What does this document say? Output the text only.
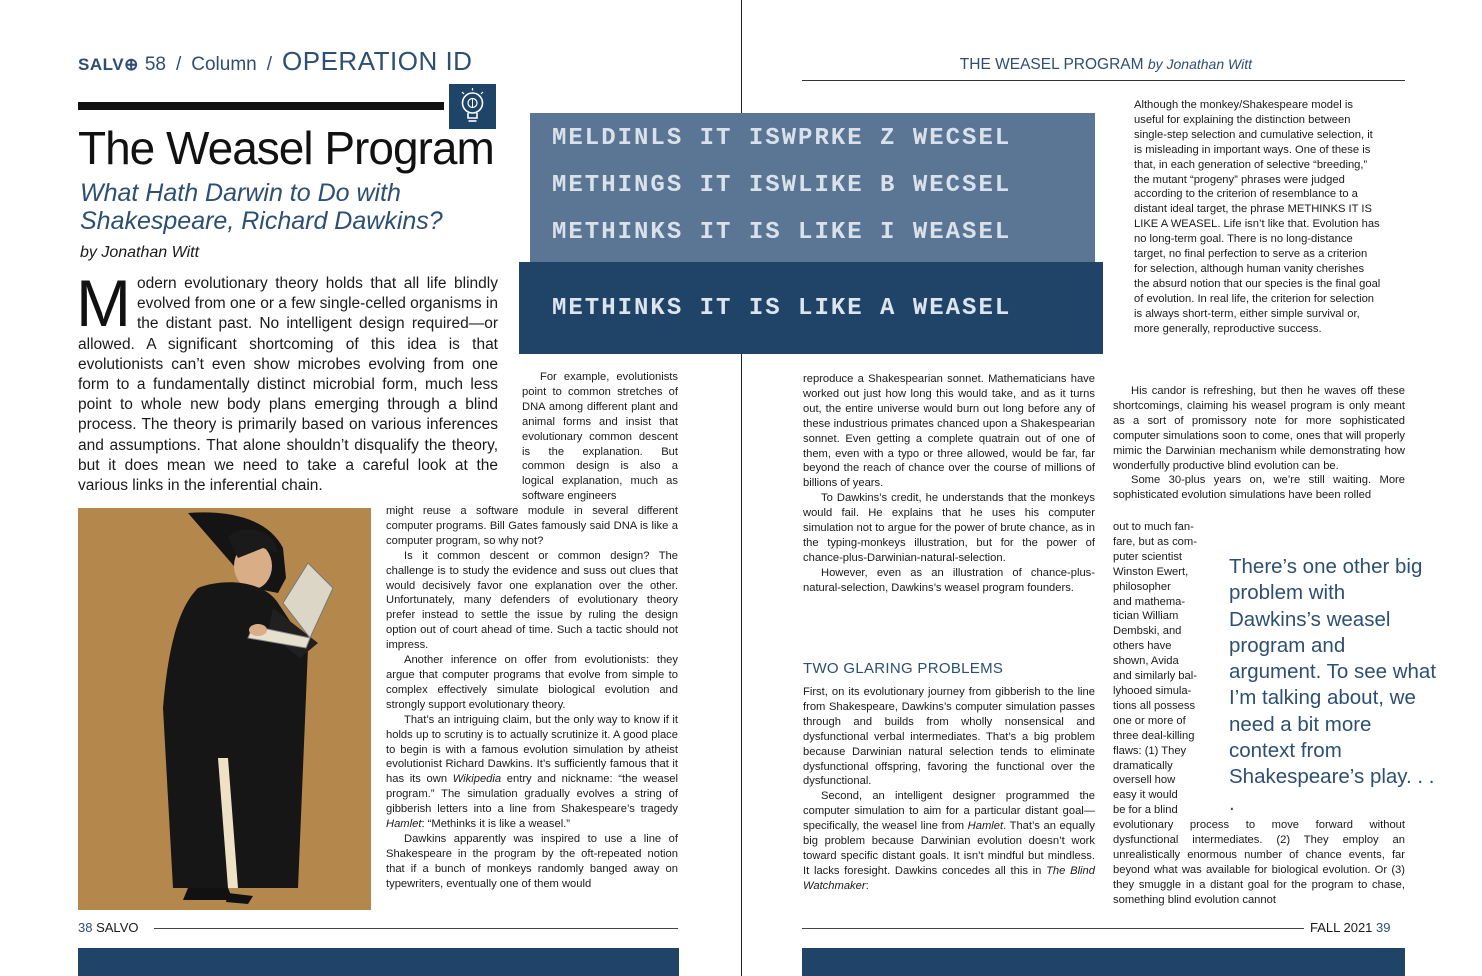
SALV⊕ 58 / Column / OPERATION ID
The Weasel Program
What Hath Darwin to Do with Shakespeare, Richard Dawkins?
by Jonathan Witt
Modern evolutionary theory holds that all life blindly evolved from one or a few single-celled organisms in the distant past. No intelligent design required—or allowed. A significant shortcoming of this idea is that evolutionists can’t even show microbes evolving from one form to a fundamentally distinct microbial form, much less point to whole new body plans emerging through a blind process. The theory is primarily based on various inferences and assumptions. That alone shouldn’t disqualify the theory, but it does mean we need to take a careful look at the various links in the inferential chain.
MELDINLS IT ISWPRKE Z WECSEL
METHINGS IT ISWLIKE B WECSEL
METHINKS IT IS LIKE I WEASEL
METHINKS IT IS LIKE A WEASEL

For example, evolutionists point to common stretches of DNA among different plant and animal forms and insist that evolutionary common descent is the explanation. But common design is also a logical explanation, much as software engineers

might reuse a software module in several different computer programs. Bill Gates famously said DNA is like a computer program, so why not?

Is it common descent or common design? The challenge is to study the evidence and suss out clues that would decisively favor one explanation over the other. Unfortunately, many defenders of evolutionary theory prefer instead to settle the issue by ruling the design option out of court ahead of time. Such a tactic should not impress.

Another inference on offer from evolutionists: they argue that computer programs that evolve from simple to complex effectively simulate biological evolution and strongly support evolutionary theory.

That’s an intriguing claim, but the only way to know if it holds up to scrutiny is to actually scrutinize it. A good place to begin is with a famous evolution simulation by atheist evolutionist Richard Dawkins. It’s sufficiently famous that it has its own Wikipedia entry and nickname: “the weasel program.” The simulation gradually evolves a string of gibberish letters into a line from Shakespeare’s tragedy Hamlet: “Methinks it is like a weasel.”

Dawkins apparently was inspired to use a line of Shakespeare in the program by the oft-repeated notion that if a bunch of monkeys randomly banged away on typewriters, eventually one of them would

THE WEASEL PROGRAM by Jonathan Witt

reproduce a Shakespearian sonnet. Mathematicians have worked out just how long this would take, and as it turns out, the entire universe would burn out long before any of these industrious primates chanced upon a Shakespearian sonnet. Even getting a complete quatrain out of one of them, even with a typo or three allowed, would be far, far beyond the reach of chance over the course of millions of billions of years.

To Dawkins’s credit, he understands that the monkeys would fail. He explains that he uses his computer simulation not to argue for the power of brute chance, as in the typing-monkeys illustration, but for the power of chance-plus-Darwinian-natural-selection.

However, even as an illustration of chance-plus-natural-selection, Dawkins’s weasel program founders.

TWO GLARING PROBLEMS

First, on its evolutionary journey from gibberish to the line from Shakespeare, Dawkins’s computer simulation passes through and builds from wholly nonsensical and dysfunctional verbal intermediates. That’s a big problem because Darwinian natural selection tends to eliminate dysfunctional offspring, favoring the functional over the dysfunctional.

Second, an intelligent designer programmed the computer simulation to aim for a particular distant goal—specifically, the weasel line from Hamlet. That’s an equally big problem because Darwinian evolution doesn’t work toward specific distant goals. It isn’t mindful but mindless. It lacks foresight. Dawkins concedes all this in The Blind Watchmaker:

Although the monkey/Shakespeare model is useful for explaining the distinction between single-step selection and cumulative selection, it is misleading in important ways. One of these is that, in each generation of selective “breeding,” the mutant “progeny” phrases were judged according to the criterion of resemblance to a distant ideal target, the phrase METHINKS IT IS LIKE A WEASEL. Life isn’t like that. Evolution has no long-term goal. There is no long-distance target, no final perfection to serve as a criterion for selection, although human vanity cherishes the absurd notion that our species is the final goal of evolution. In real life, the criterion for selection is always short-term, either simple survival or, more generally, reproductive success.

His candor is refreshing, but then he waves off these shortcomings, claiming his weasel program is only meant as a sort of promissory note for more sophisticated computer simulations soon to come, ones that will properly mimic the Darwinian mechanism while demonstrating how wonderfully productive blind evolution can be.

Some 30-plus years on, we’re still waiting. More sophisticated evolution simulations have been rolled

out to much fan-
fare, but as com-
puter scientist
Winston Ewert,
philosopher
and mathema-
tician William
Dembski, and
others have
shown, Avida
and similarly bal-
lyhooed simula-
tions all possess
one or more of
three deal-killing
flaws: (1) They
dramatically
oversell how
easy it would
be for a blind
There’s one other big problem with Dawkins’s weasel program and argument. To see what I’m talking about, we need a bit more context from Shakespeare’s play. . . .

evolutionary process to move forward without dysfunctional intermediates. (2) They employ an unrealistically enormous number of chance events, far beyond what was available for biological evolution. Or (3) they smuggle in a distant goal for the program to chase, something blind evolution cannot

38 SALVO	FALL 2021 39
